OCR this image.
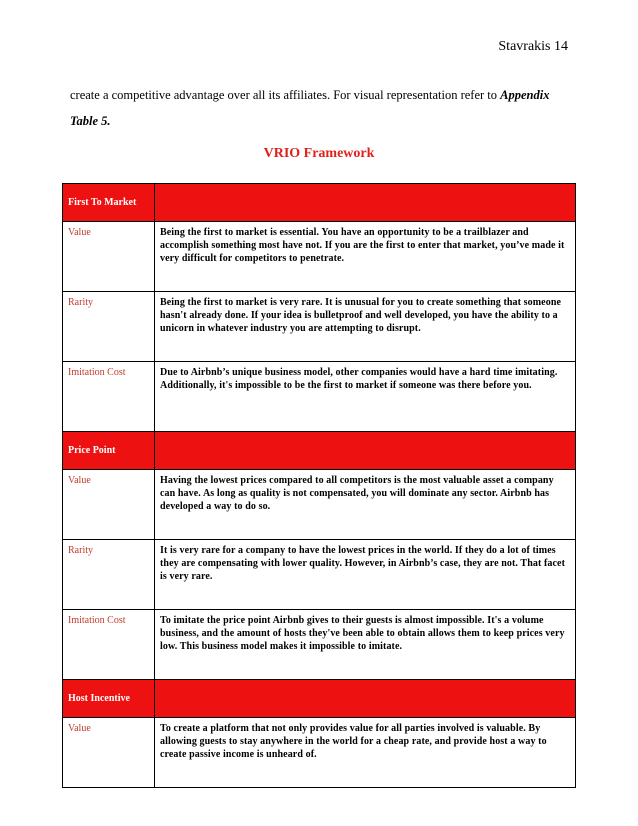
Stavrakis 14
create a competitive advantage over all its affiliates. For visual representation refer to Appendix Table 5.
VRIO Framework
First To Market	

Value	Being the first to market is essential. You have an opportunity to be a trailblazer and accomplish something most have not. If you are the first to enter that market, you’ve made it very difficult for competitors to penetrate.
Rarity	Being the first to market is very rare. It is unusual for you to create something that someone hasn't already done. If your idea is bulletproof and well developed, you have the ability to a unicorn in whatever industry you are attempting to disrupt.
Imitation Cost	Due to Airbnb’s unique business model, other companies would have a hard time imitating. Additionally, it's impossible to be the first to market if someone was there before you.

Price Point	

Value	Having the lowest prices compared to all competitors is the most valuable asset a company can have. As long as quality is not compensated, you will dominate any sector. Airbnb has developed a way to do so.
Rarity	It is very rare for a company to have the lowest prices in the world. If they do a lot of times they are compensating with lower quality. However, in Airbnb’s case, they are not. That facet is very rare.
Imitation Cost	To imitate the price point Airbnb gives to their guests is almost impossible. It's a volume business, and the amount of hosts they've been able to obtain allows them to keep prices very low. This business model makes it impossible to imitate.

Host Incentive	

Value	To create a platform that not only provides value for all parties involved is valuable. By allowing guests to stay anywhere in the world for a cheap rate, and provide host a way to create passive income is unheard of.
